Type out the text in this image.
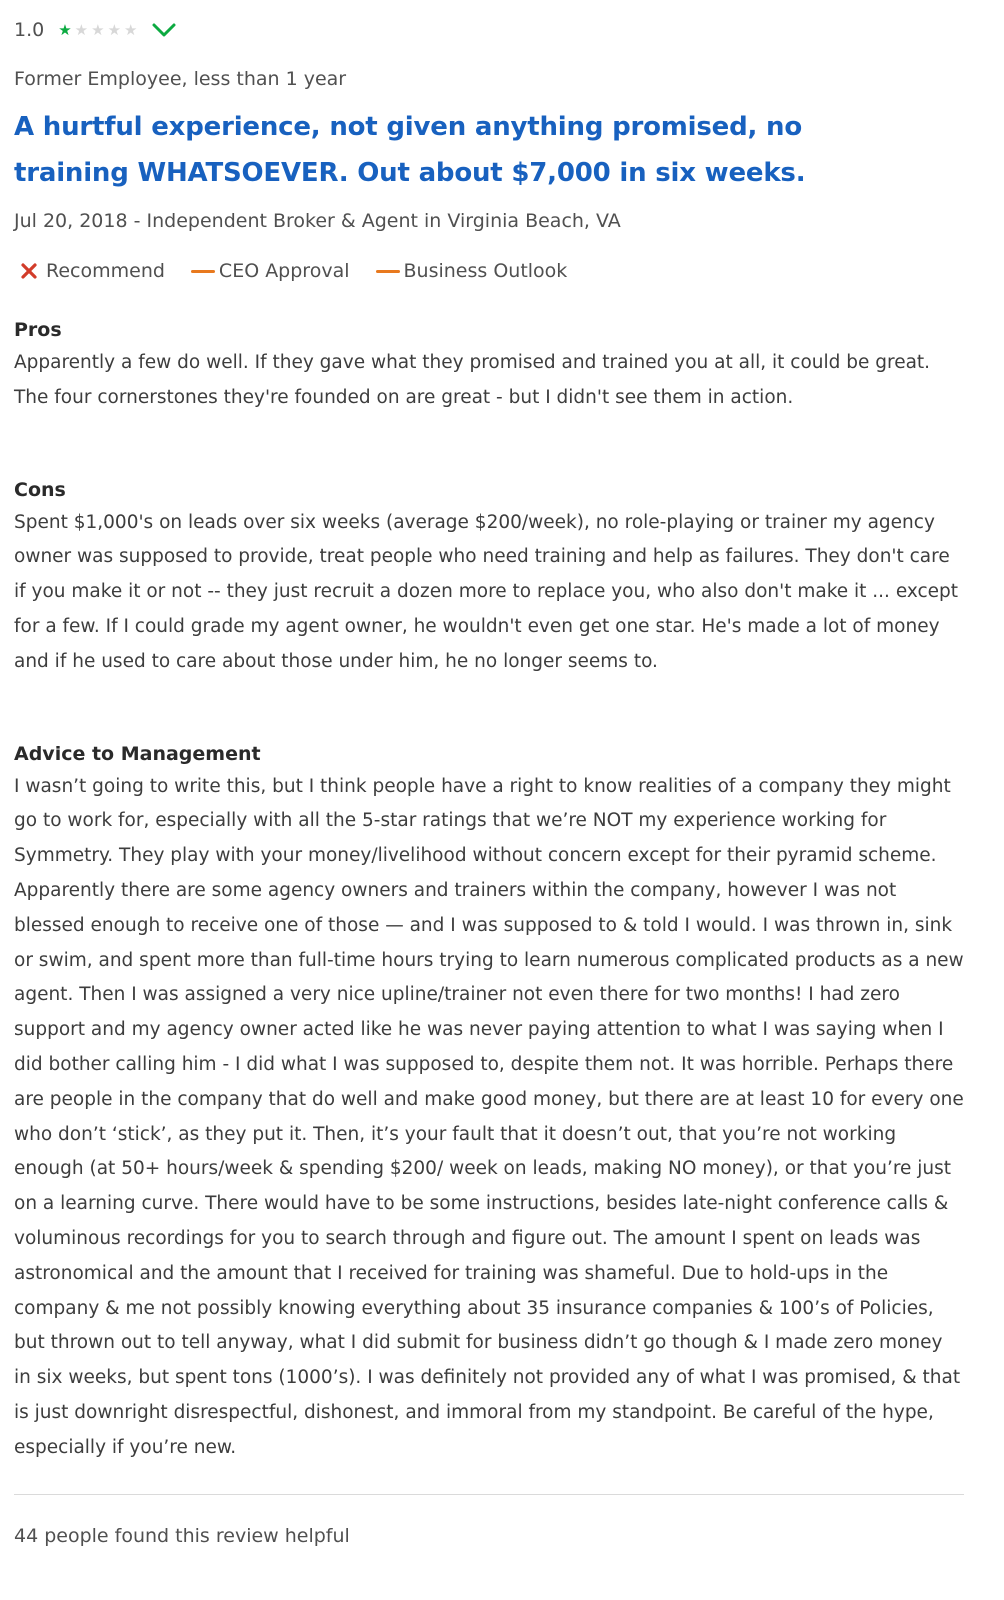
1.0 ★ ★ ★ ★ ★
Former Employee, less than 1 year
A hurtful experience, not given anything promised, no training WHATSOEVER. Out about $7,000 in six weeks.
Jul 20, 2018 - Independent Broker & Agent in Virginia Beach, VA
Recommend	CEO Approval	Business Outlook
Pros

Apparently a few do well. If they gave what they promised and trained you at all, it could be great. The four cornerstones they're founded on are great - but I didn't see them in action.

Cons

Spent $1,000's on leads over six weeks (average $200/week), no role-playing or trainer my agency owner was supposed to provide, treat people who need training and help as failures. They don't care if you make it or not -- they just recruit a dozen more to replace you, who also don't make it ... except for a few. If I could grade my agent owner, he wouldn't even get one star. He's made a lot of money and if he used to care about those under him, he no longer seems to.

Advice to Management

I wasn’t going to write this, but I think people have a right to know realities of a company they might go to work for, especially with all the 5-star ratings that we’re NOT my experience working for Symmetry. They play with your money/livelihood without concern except for their pyramid scheme. Apparently there are some agency owners and trainers within the company, however I was not blessed enough to receive one of those — and I was supposed to & told I would. I was thrown in, sink or swim, and spent more than full-time hours trying to learn numerous complicated products as a new agent. Then I was assigned a very nice upline/trainer not even there for two months! I had zero support and my agency owner acted like he was never paying attention to what I was saying when I did bother calling him - I did what I was supposed to, despite them not. It was horrible. Perhaps there are people in the company that do well and make good money, but there are at least 10 for every one who don’t ‘stick’, as they put it. Then, it’s your fault that it doesn’t out, that you’re not working enough (at 50+ hours/week & spending $200/ week on leads, making NO money), or that you’re just on a learning curve. There would have to be some instructions, besides late-night conference calls & voluminous recordings for you to search through and figure out. The amount I spent on leads was astronomical and the amount that I received for training was shameful. Due to hold-ups in the company & me not possibly knowing everything about 35 insurance companies & 100’s of Policies, but thrown out to tell anyway, what I did submit for business didn’t go though & I made zero money in six weeks, but spent tons (1000’s). I was definitely not provided any of what I was promised, & that is just downright disrespectful, dishonest, and immoral from my standpoint. Be careful of the hype, especially if you’re new.

44 people found this review helpful
